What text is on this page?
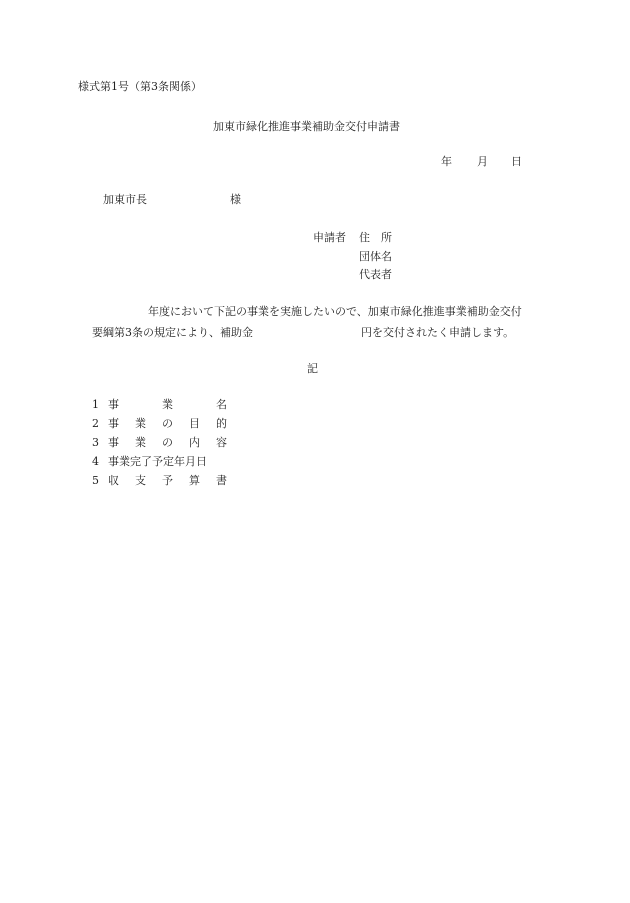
様式第1号（第3条関係）
加東市緑化推進事業補助金交付申請書
年 月 日
加東市長	様
申請者 住　所
団体名
代表者
年度において下記の事業を実施したいので、加東市緑化推進事業補助金交付
要綱第3条の規定により、補助金	円を交付されたく申請します。
記
1 事	業	名
2 事 業 の 目 的
3 事 業 の 内 容
4 事業完了予定年月日
5 収 支 予 算 書
